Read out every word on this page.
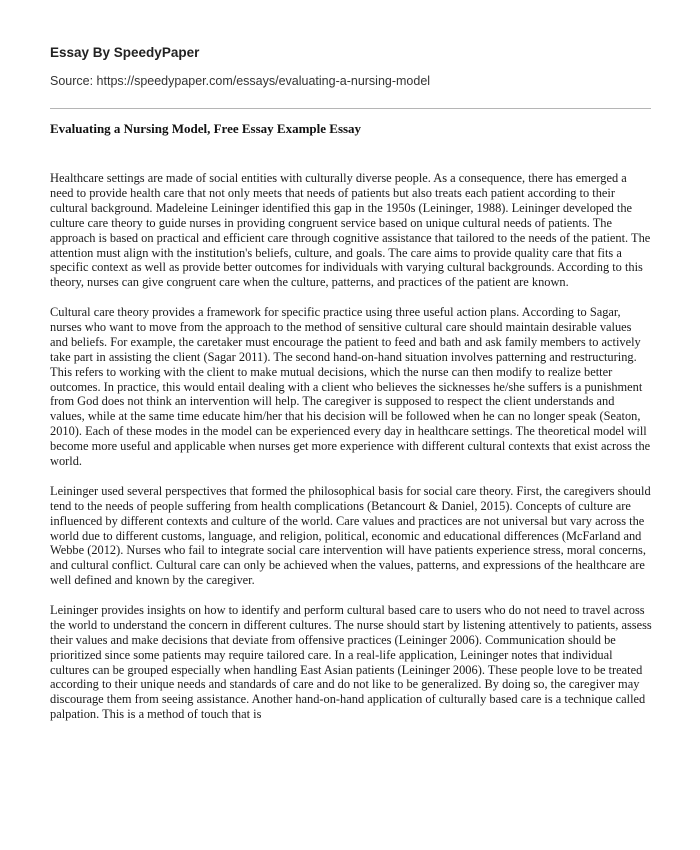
Essay By SpeedyPaper
Source: https://speedypaper.com/essays/evaluating-a-nursing-model
Evaluating a Nursing Model, Free Essay Example Essay

Healthcare settings are made of social entities with culturally diverse people. As a consequence, there has emerged a need to provide health care that not only meets that needs of patients but also treats each patient according to their cultural background. Madeleine Leininger identified this gap in the 1950s (Leininger, 1988). Leininger developed the culture care theory to guide nurses in providing congruent service based on unique cultural needs of patients. The approach is based on practical and efficient care through cognitive assistance that tailored to the needs of the patient. The attention must align with the institution's beliefs, culture, and goals. The care aims to provide quality care that fits a specific context as well as provide better outcomes for individuals with varying cultural backgrounds. According to this theory, nurses can give congruent care when the culture, patterns, and practices of the patient are known.

Cultural care theory provides a framework for specific practice using three useful action plans. According to Sagar, nurses who want to move from the approach to the method of sensitive cultural care should maintain desirable values and beliefs. For example, the caretaker must encourage the patient to feed and bath and ask family members to actively take part in assisting the client (Sagar 2011). The second hand-on-hand situation involves patterning and restructuring. This refers to working with the client to make mutual decisions, which the nurse can then modify to realize better outcomes. In practice, this would entail dealing with a client who believes the sicknesses he/she suffers is a punishment from God does not think an intervention will help. The caregiver is supposed to respect the client understands and values, while at the same time educate him/her that his decision will be followed when he can no longer speak (Seaton, 2010). Each of these modes in the model can be experienced every day in healthcare settings. The theoretical model will become more useful and applicable when nurses get more experience with different cultural contexts that exist across the world.

Leininger used several perspectives that formed the philosophical basis for social care theory. First, the caregivers should tend to the needs of people suffering from health complications (Betancourt & Daniel, 2015). Concepts of culture are influenced by different contexts and culture of the world. Care values and practices are not universal but vary across the world due to different customs, language, and religion, political, economic and educational differences (McFarland and Webbe (2012). Nurses who fail to integrate social care intervention will have patients experience stress, moral concerns, and cultural conflict. Cultural care can only be achieved when the values, patterns, and expressions of the healthcare are well defined and known by the caregiver.

Leininger provides insights on how to identify and perform cultural based care to users who do not need to travel across the world to understand the concern in different cultures. The nurse should start by listening attentively to patients, assess their values and make decisions that deviate from offensive practices (Leininger 2006). Communication should be prioritized since some patients may require tailored care. In a real-life application, Leininger notes that individual cultures can be grouped especially when handling East Asian patients (Leininger 2006). These people love to be treated according to their unique needs and standards of care and do not like to be generalized. By doing so, the caregiver may discourage them from seeing assistance. Another hand-on-hand application of culturally based care is a technique called palpation. This is a method of touch that is
